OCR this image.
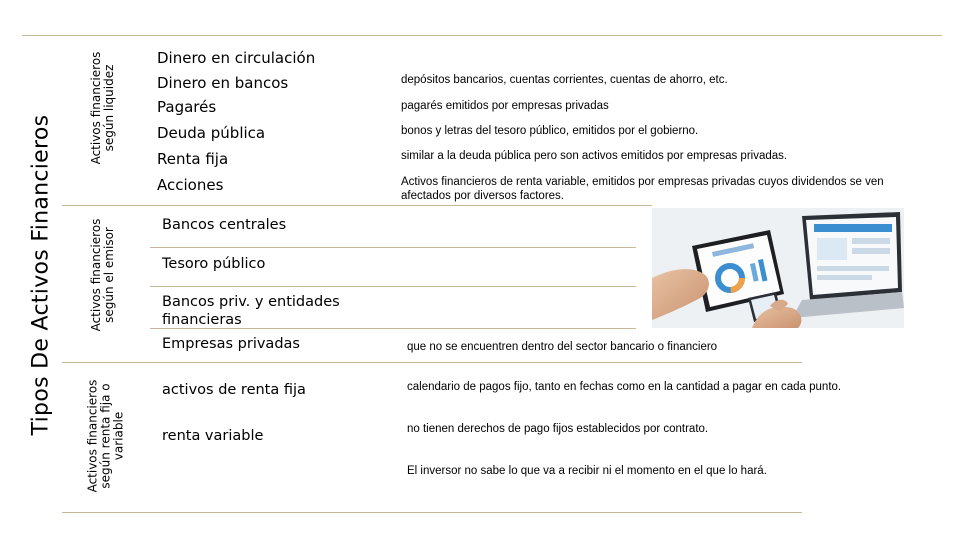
Tipos De Activos Financieros
Activos financieros según liquidez
Activos financieros según el emisor
Activos financieros según renta fija o variable
Dinero en circulación
Dinero en bancos
Pagarés
Deuda pública
Renta fija
Acciones
depósitos bancarios, cuentas corrientes, cuentas de ahorro, etc.
pagarés emitidos por empresas privadas
bonos y letras del tesoro público, emitidos por el gobierno.
similar a la deuda pública pero son activos emitidos por empresas privadas.
Activos financieros de renta variable, emitidos por empresas privadas cuyos dividendos se ven afectados por diversos factores.
Bancos centrales
Tesoro público
Bancos priv. y entidades financieras
Empresas privadas	que no se encuentren dentro del sector bancario o financiero
activos de renta fija
renta variable
calendario de pagos fijo, tanto en fechas como en la cantidad a pagar en cada punto.
no tienen derechos de pago fijos establecidos por contrato.
El inversor no sabe lo que va a recibir ni el momento en el que lo hará.
